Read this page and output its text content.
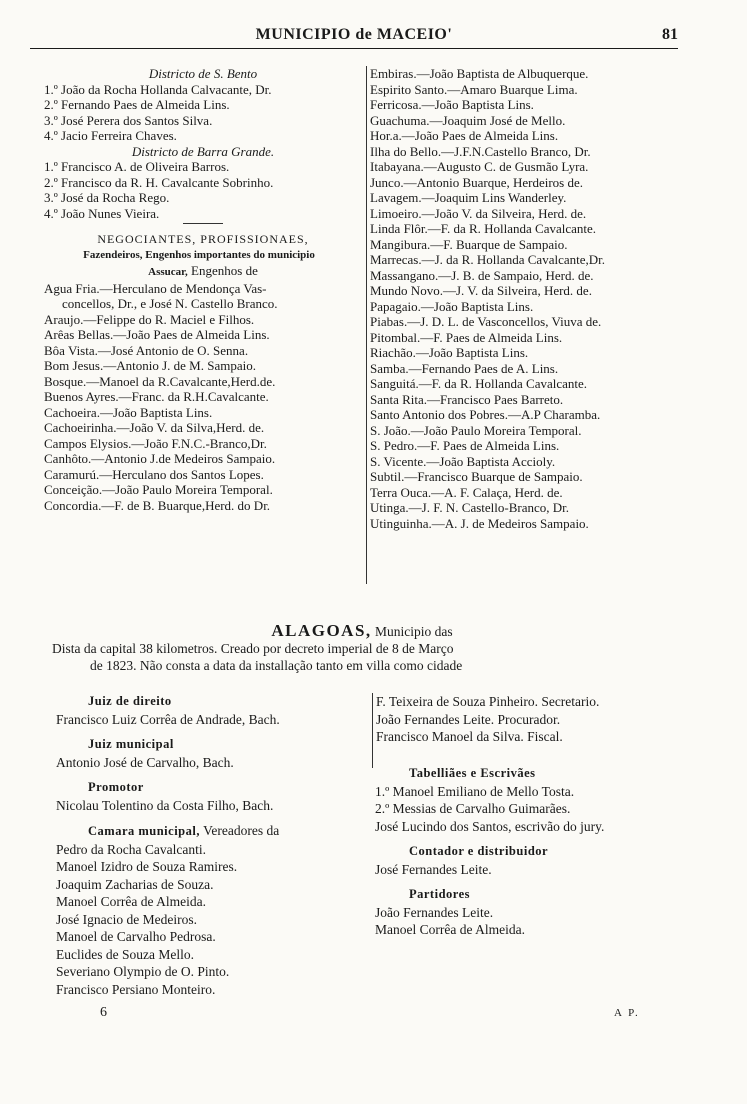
MUNICIPIO de MACEIO'	81
Districto de S. Bento
1.º João da Rocha Hollanda Calvacante, Dr.
2.º Fernando Paes de Almeida Lins.
3.º José Perera dos Santos Silva.
4.º Jacio Ferreira Chaves.
Districto de Barra Grande.
1.º Francisco A. de Oliveira Barros.
2.º Francisco da R. H. Cavalcante Sobrinho.
3.º José da Rocha Rego.
4.º João Nunes Vieira.
NEGOCIANTES, PROFISSIONAES,
Fazendeiros, Engenhos importantes do municipio
Assucar, Engenhos de
Agua Fria.—Herculano de Mendonça Vas-
concellos, Dr., e José N. Castello Branco.
Araujo.—Felippe do R. Maciel e Filhos.
Arêas Bellas.—João Paes de Almeida Lins.
Bôa Vista.—José Antonio de O. Senna.
Bom Jesus.—Antonio J. de M. Sampaio.
Bosque.—Manoel da R.Cavalcante,Herd.de.
Buenos Ayres.—Franc. da R.H.Cavalcante.
Cachoeira.—João Baptista Lins.
Cachoeirinha.—João V. da Silva,Herd. de.
Campos Elysios.—João F.N.C.-Branco,Dr.
Canhôto.—Antonio J.de Medeiros Sampaio.
Caramurú.—Herculano dos Santos Lopes.
Conceição.—João Paulo Moreira Temporal.
Concordia.—F. de B. Buarque,Herd. do Dr.
Embiras.—João Baptista de Albuquerque.
Espirito Santo.—Amaro Buarque Lima.
Ferricosa.—João Baptista Lins.
Guachuma.—Joaquim José de Mello.
Hor.a.—João Paes de Almeida Lins.
Ilha do Bello.—J.F.N.Castello Branco, Dr.
Itabayana.—Augusto C. de Gusmão Lyra.
Junco.—Antonio Buarque, Herdeiros de.
Lavagem.—Joaquim Lins Wanderley.
Limoeiro.—João V. da Silveira, Herd. de.
Linda Flôr.—F. da R. Hollanda Cavalcante.
Mangibura.—F. Buarque de Sampaio.
Marrecas.—J. da R. Hollanda Cavalcante,Dr.
Massangano.—J. B. de Sampaio, Herd. de.
Mundo Novo.—J. V. da Silveira, Herd. de.
Papagaio.—João Baptista Lins.
Piabas.—J. D. L. de Vasconcellos, Viuva de.
Pitombal.—F. Paes de Almeida Lins.
Riachão.—João Baptista Lins.
Samba.—Fernando Paes de A. Lins.
Sanguitá.—F. da R. Hollanda Cavalcante.
Santa Rita.—Francisco Paes Barreto.
Santo Antonio dos Pobres.—A.P Charamba.
S. João.—João Paulo Moreira Temporal.
S. Pedro.—F. Paes de Almeida Lins.
S. Vicente.—João Baptista Accioly.
Subtil.—Francisco Buarque de Sampaio.
Terra Ouca.—A. F. Calaça, Herd. de.
Utinga.—J. F. N. Castello-Branco, Dr.
Utinguinha.—A. J. de Medeiros Sampaio.
ALAGOAS, Municipio das
Dista da capital 38 kilometros. Creado por decreto imperial de 8 de Março
de 1823. Não consta a data da installação tanto em villa como cidade
Juiz de direito
Francisco Luiz Corrêa de Andrade, Bach.
Juiz municipal
Antonio José de Carvalho, Bach.
Promotor
Nicolau Tolentino da Costa Filho, Bach.
Camara municipal, Vereadores da
Pedro da Rocha Cavalcanti.
Manoel Izidro de Souza Ramires.
Joaquim Zacharias de Souza.
Manoel Corrêa de Almeida.
José Ignacio de Medeiros.
Manoel de Carvalho Pedrosa.
Euclides de Souza Mello.
Severiano Olympio de O. Pinto.
Francisco Persiano Monteiro.
F. Teixeira de Souza Pinheiro. Secretario.
João Fernandes Leite. Procurador.
Francisco Manoel da Silva. Fiscal.
Tabelliães e Escrivães
1.º Manoel Emiliano de Mello Tosta.
2.º Messias de Carvalho Guimarães.
José Lucindo dos Santos, escrivão do jury.
Contador e distribuidor
José Fernandes Leite.
Partidores
João Fernandes Leite.
Manoel Corrêa de Almeida.
6	A P.
